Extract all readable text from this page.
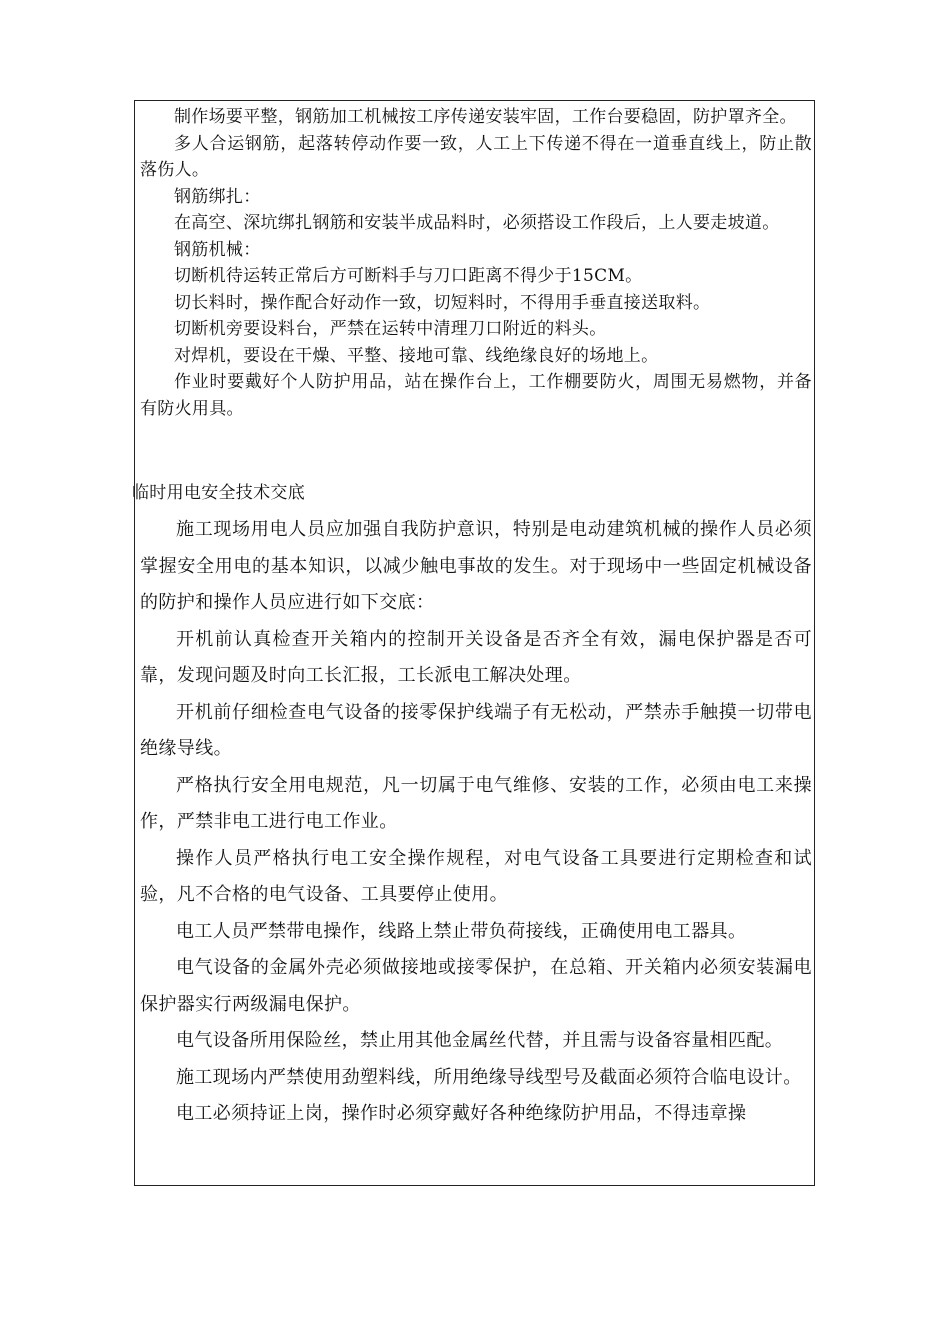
制作场要平整，钢筋加工机械按工序传递安装牢固，工作台要稳固，防护罩齐全。

多人合运钢筋，起落转停动作要一致，人工上下传递不得在一道垂直线上，防止散落伤人。

钢筋绑扎：

在高空、深坑绑扎钢筋和安装半成品料时，必须搭设工作段后，上人要走坡道。

钢筋机械：

切断机待运转正常后方可断料手与刀口距离不得少于15CM。

切长料时，操作配合好动作一致，切短料时，不得用手垂直接送取料。

切断机旁要设料台，严禁在运转中清理刀口附近的料头。

对焊机，要设在干燥、平整、接地可靠、线绝缘良好的场地上。

作业时要戴好个人防护用品，站在操作台上，工作棚要防火，周围无易燃物，并备有防火用具。

临时用电安全技术交底

施工现场用电人员应加强自我防护意识，特别是电动建筑机械的操作人员必须掌握安全用电的基本知识，以减少触电事故的发生。对于现场中一些固定机械设备的防护和操作人员应进行如下交底：

开机前认真检查开关箱内的控制开关设备是否齐全有效，漏电保护器是否可靠，发现问题及时向工长汇报，工长派电工解决处理。

开机前仔细检查电气设备的接零保护线端子有无松动，严禁赤手触摸一切带电绝缘导线。

严格执行安全用电规范，凡一切属于电气维修、安装的工作，必须由电工来操作，严禁非电工进行电工作业。

操作人员严格执行电工安全操作规程，对电气设备工具要进行定期检查和试验，凡不合格的电气设备、工具要停止使用。

电工人员严禁带电操作，线路上禁止带负荷接线，正确使用电工器具。

电气设备的金属外壳必须做接地或接零保护，在总箱、开关箱内必须安装漏电保护器实行两级漏电保护。

电气设备所用保险丝，禁止用其他金属丝代替，并且需与设备容量相匹配。

施工现场内严禁使用劲塑料线，所用绝缘导线型号及截面必须符合临电设计。

电工必须持证上岗，操作时必须穿戴好各种绝缘防护用品，不得违章操
